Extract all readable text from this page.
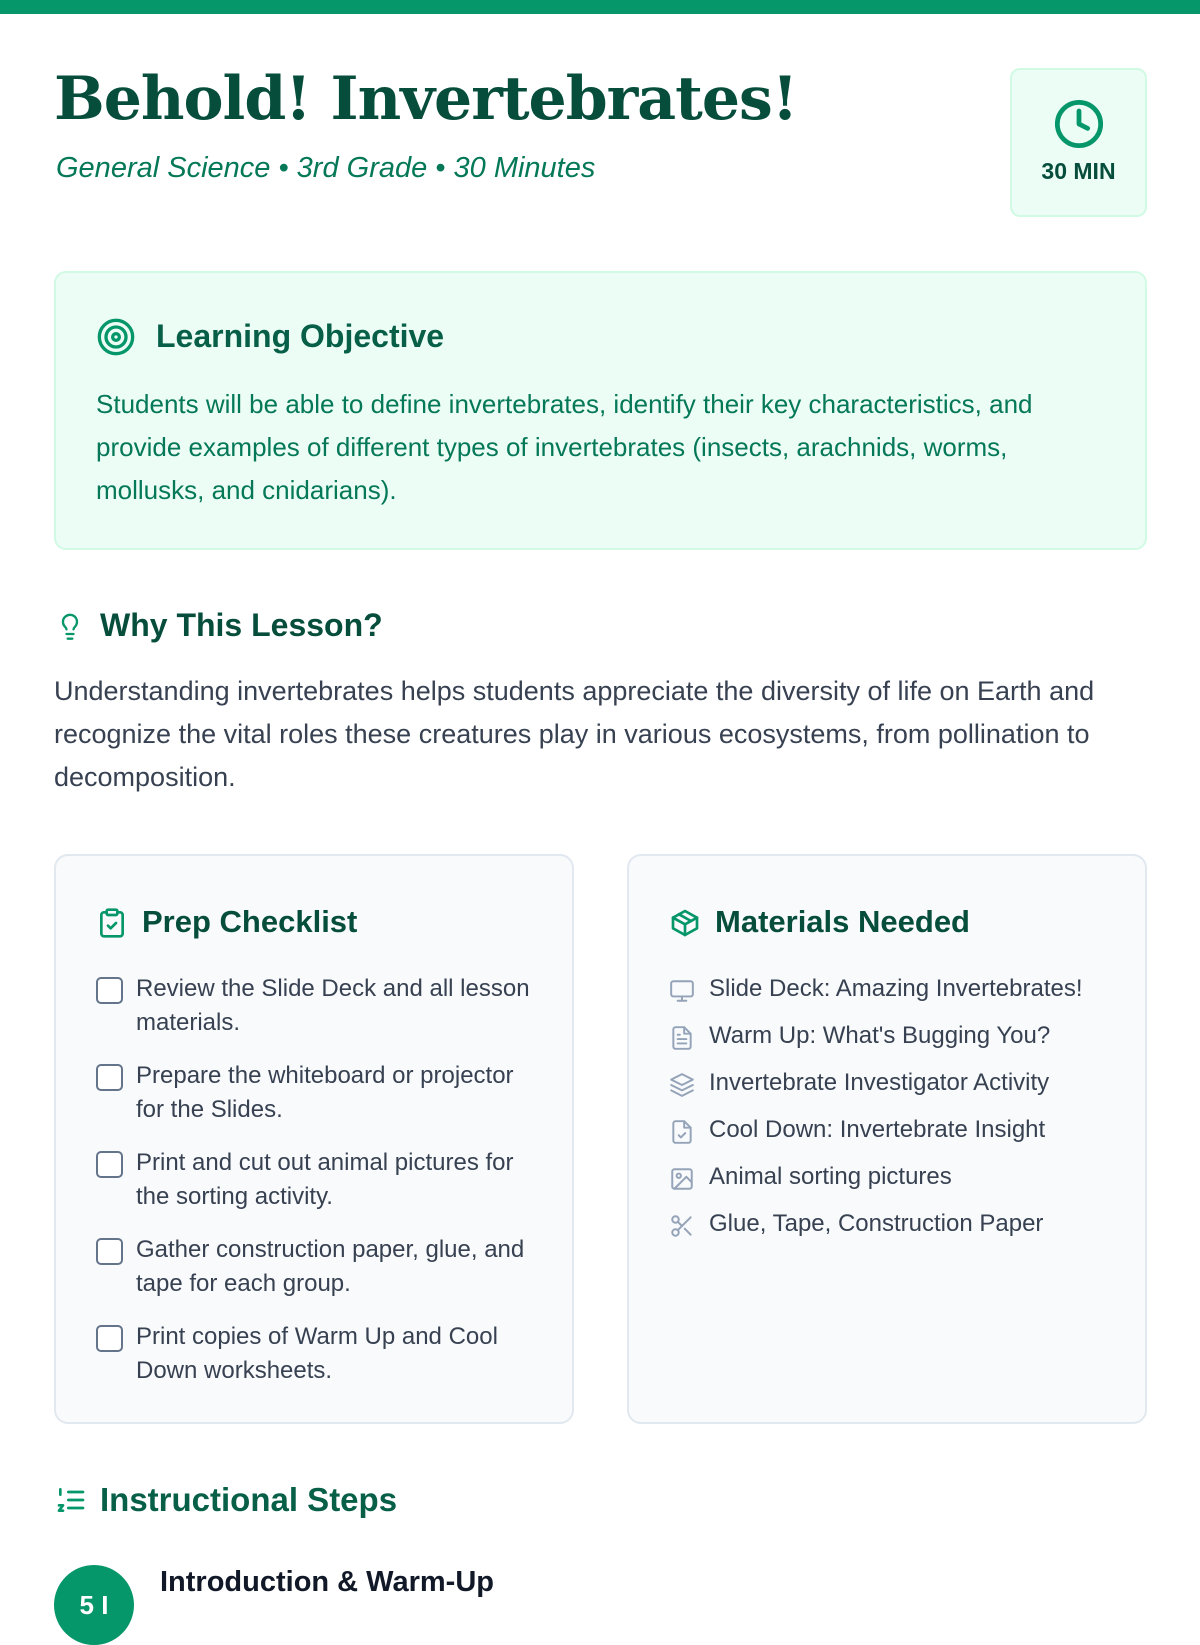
Behold! Invertebrates!
General Science • 3rd Grade • 30 Minutes	30 MIN
Learning Objective

Students will be able to define invertebrates, identify their key characteristics, and provide examples of different types of invertebrates (insects, arachnids, worms, mollusks, and cnidarians).

Why This Lesson?

Understanding invertebrates helps students appreciate the diversity of life on Earth and recognize the vital roles these creatures play in various ecosystems, from pollination to decomposition.

Prep Checklist
Review the Slide Deck and all lesson materials.
Prepare the whiteboard or projector for the Slides.
Print and cut out animal pictures for the sorting activity.
Gather construction paper, glue, and tape for each group.
Print copies of Warm Up and Cool Down worksheets.
Materials Needed
Slide Deck: Amazing Invertebrates!
Warm Up: What's Bugging You?
Invertebrate Investigator Activity
Cool Down: Invertebrate Insight
Animal sorting pictures
Glue, Tape, Construction Paper
Instructional Steps
5 I
Introduction & Warm-Up
